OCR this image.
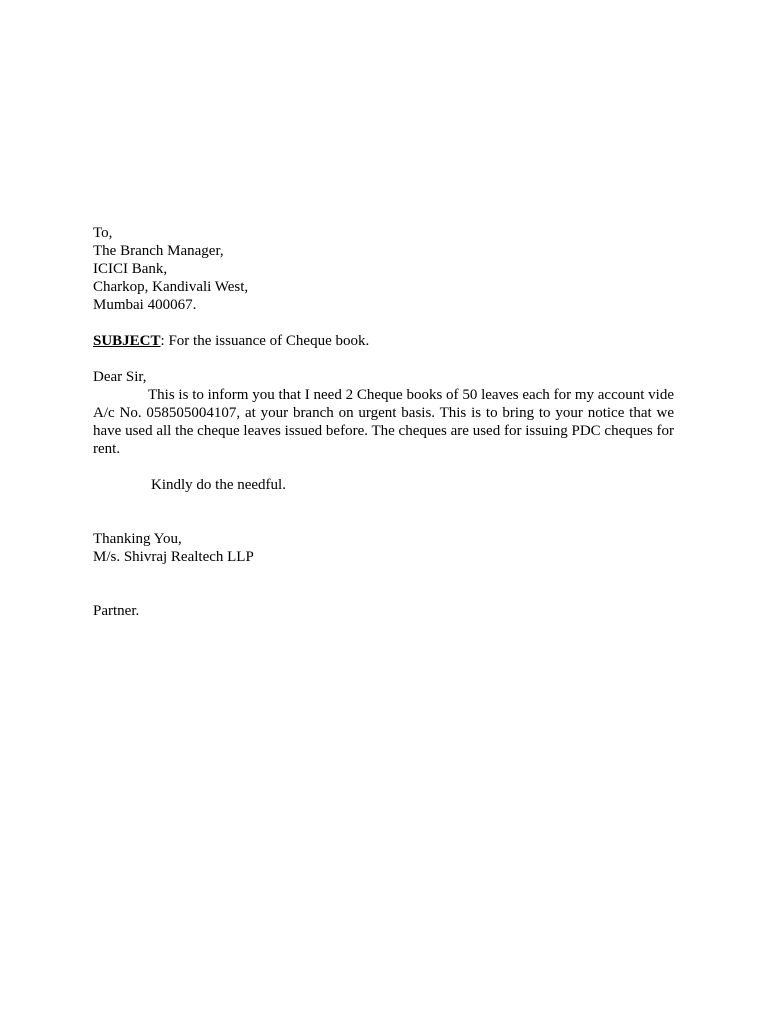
To,
The Branch Manager,
ICICI Bank,
Charkop, Kandivali West,
Mumbai 400067.
SUBJECT: For the issuance of Cheque book.
Dear Sir,
This is to inform you that I need 2 Cheque books of 50 leaves each for my account vide A/c No. 058505004107, at your branch on urgent basis. This is to bring to your notice that we have used all the cheque leaves issued before. The cheques are used for issuing PDC cheques for rent.
Kindly do the needful.
Thanking You,
M/s. Shivraj Realtech LLP
Partner.
